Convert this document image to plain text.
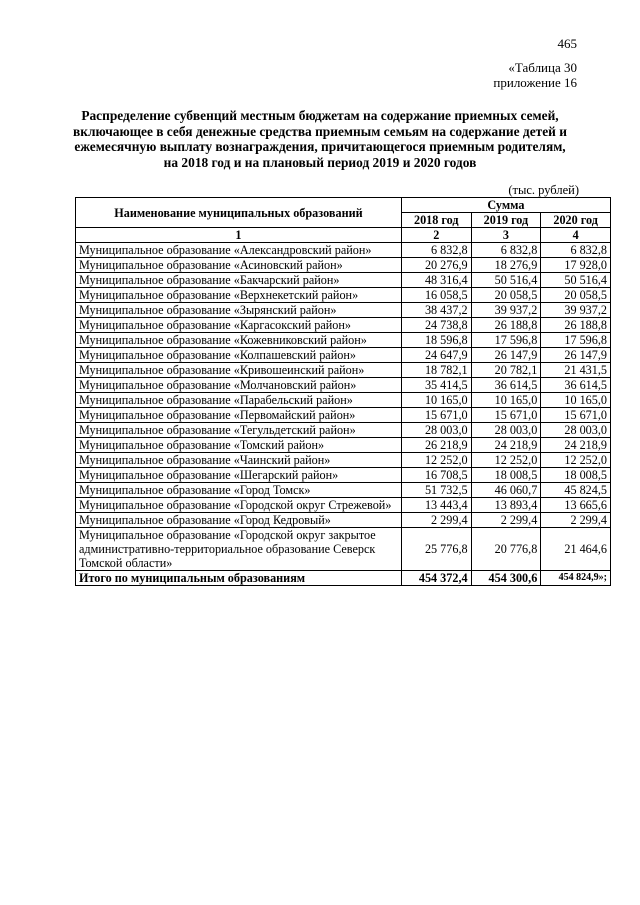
465
«Таблица 30
приложение 16
Распределение субвенций местным бюджетам на содержание приемных семей, включающее в себя денежные средства приемным семьям на содержание детей и ежемесячную выплату вознаграждения, причитающегося приемным родителям, на 2018 год и на плановый период 2019 и 2020 годов
(тыс. рублей)
Наименование муниципальных образований	Сумма		
	2018 год	2019 год	2020 год
1	2	3	4
Муниципальное образование «Александровский район»	6 832,8	6 832,8	6 832,8
Муниципальное образование «Асиновский район»	20 276,9	18 276,9	17 928,0
Муниципальное образование «Бакчарский район»	48 316,4	50 516,4	50 516,4
Муниципальное образование «Верхнекетский район»	16 058,5	20 058,5	20 058,5
Муниципальное образование «Зырянский район»	38 437,2	39 937,2	39 937,2
Муниципальное образование «Каргасокский район»	24 738,8	26 188,8	26 188,8
Муниципальное образование «Кожевниковский район»	18 596,8	17 596,8	17 596,8
Муниципальное образование «Колпашевский район»	24 647,9	26 147,9	26 147,9
Муниципальное образование «Кривошеинский район»	18 782,1	20 782,1	21 431,5
Муниципальное образование «Молчановский район»	35 414,5	36 614,5	36 614,5
Муниципальное образование «Парабельский район»	10 165,0	10 165,0	10 165,0
Муниципальное образование «Первомайский район»	15 671,0	15 671,0	15 671,0
Муниципальное образование «Тегульдетский район»	28 003,0	28 003,0	28 003,0
Муниципальное образование «Томский район»	26 218,9	24 218,9	24 218,9
Муниципальное образование «Чаинский район»	12 252,0	12 252,0	12 252,0
Муниципальное образование «Шегарский район»	16 708,5	18 008,5	18 008,5
Муниципальное образование «Город Томск»	51 732,5	46 060,7	45 824,5
Муниципальное образование «Городской округ Стрежевой»	13 443,4	13 893,4	13 665,6
Муниципальное образование «Город Кедровый»	2 299,4	2 299,4	2 299,4
Муниципальное образование «Городской округ закрытое административно-территориальное образование Северск Томской области»	25 776,8	20 776,8	21 464,6
Итого по муниципальным образованиям	454 372,4	454 300,6	454 824,9»;
